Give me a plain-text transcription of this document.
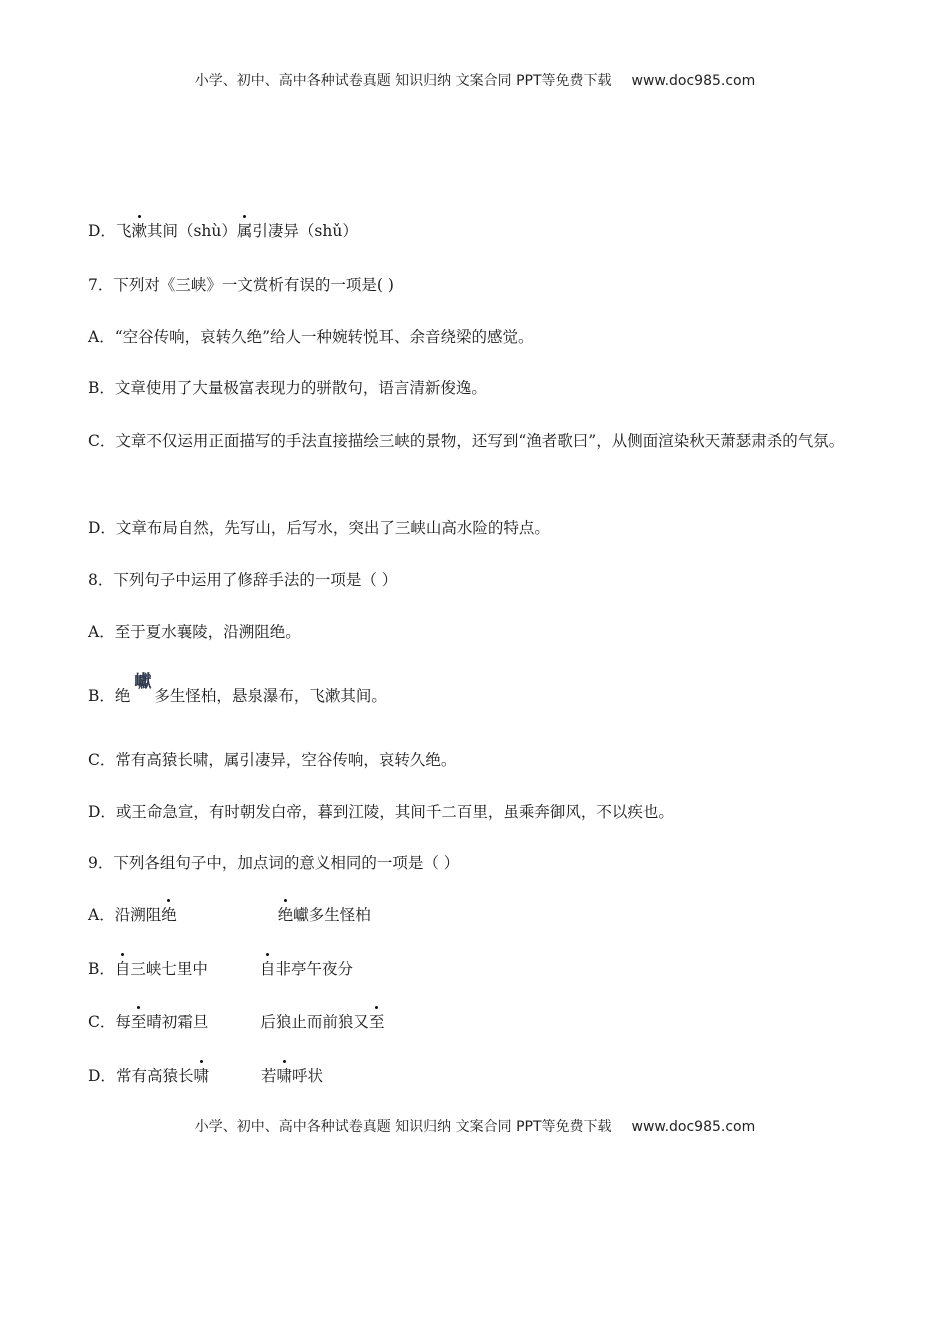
小学、初中、高中各种试卷真题 知识归纳 文案合同 PPT等免费下载 www.doc985.com
D．飞漱其间（shù）属引凄异（shǔ）
7．下列对《三峡》一文赏析有误的一项是( )
A．“空谷传响，哀转久绝”给人一种婉转悦耳、余音绕梁的感觉。
B．文章使用了大量极富表现力的骈散句，语言清新俊逸。
C．文章不仅运用正面描写的手法直接描绘三峡的景物，还写到“渔者歌曰”，从侧面渲染秋天萧瑟肃杀的气氛。
D．文章布局自然，先写山，后写水，突出了三峡山高水险的特点。
8．下列句子中运用了修辞手法的一项是（ ）
A．至于夏水襄陵，沿溯阻绝。
B．绝巘多生怪柏，悬泉瀑布，飞漱其间。
C．常有高猿长啸，属引凄异，空谷传响，哀转久绝。
D．或王命急宣，有时朝发白帝，暮到江陵，其间千二百里，虽乘奔御风，不以疾也。
9．下列各组句子中，加点词的意义相同的一项是（ ）
A．沿溯阻绝	绝巘多生怪柏
B．自三峡七里中	自非亭午夜分
C．每至晴初霜旦	后狼止而前狼又至
D．常有高猿长啸	若啸呼状
小学、初中、高中各种试卷真题 知识归纳 文案合同 PPT等免费下载 www.doc985.com
